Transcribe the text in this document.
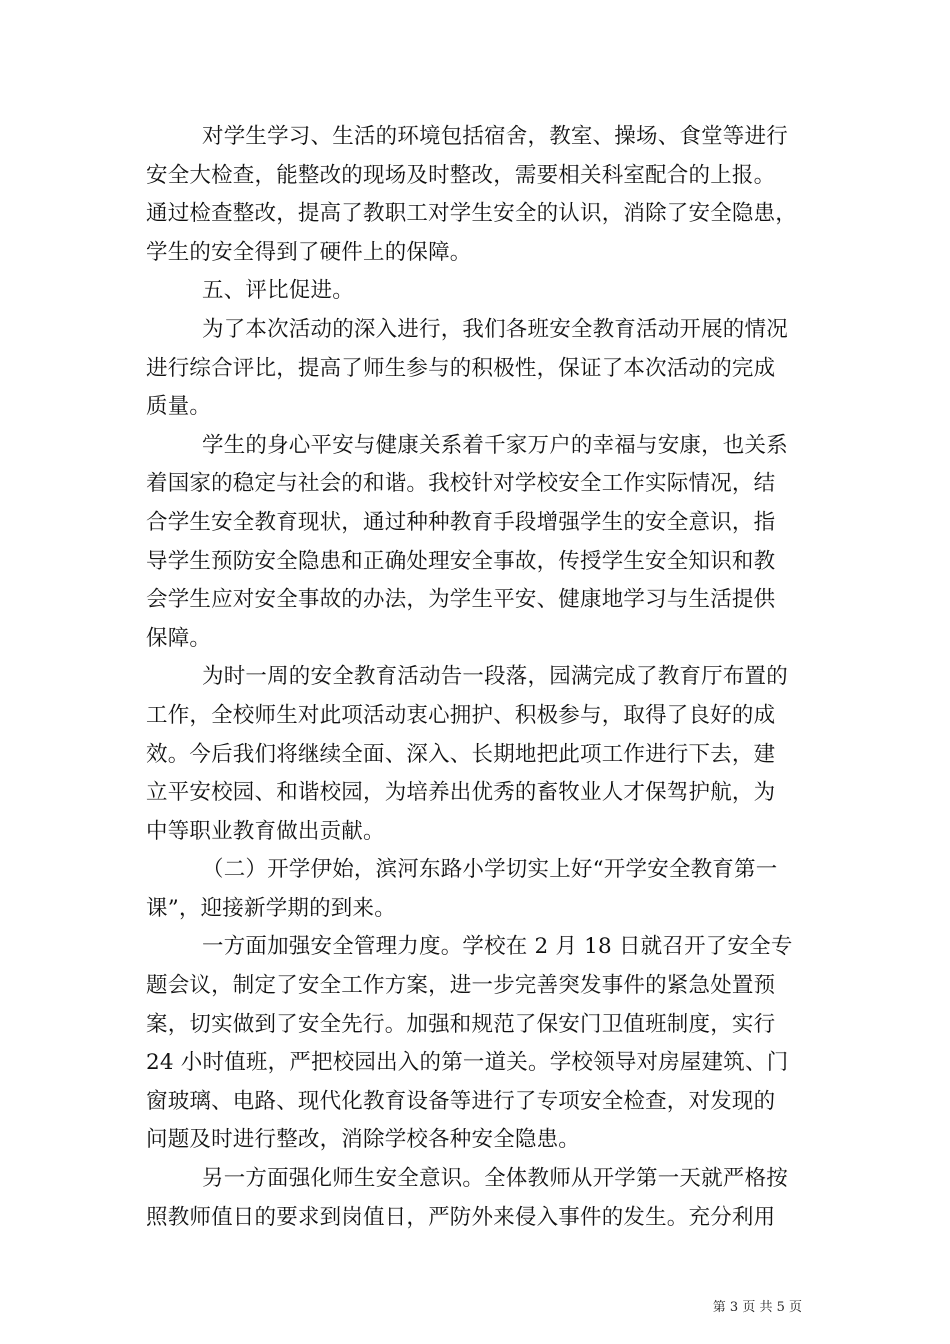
对学生学习、生活的环境包括宿舍，教室、操场、食堂等进行
安全大检查，能整改的现场及时整改，需要相关科室配合的上报。
通过检查整改，提高了教职工对学生安全的认识，消除了安全隐患，
学生的安全得到了硬件上的保障。

五、评比促进。

为了本次活动的深入进行，我们各班安全教育活动开展的情况
进行综合评比，提高了师生参与的积极性，保证了本次活动的完成
质量。

学生的身心平安与健康关系着千家万户的幸福与安康，也关系
着国家的稳定与社会的和谐。我校针对学校安全工作实际情况，结
合学生安全教育现状，通过种种教育手段增强学生的安全意识，指
导学生预防安全隐患和正确处理安全事故，传授学生安全知识和教
会学生应对安全事故的办法，为学生平安、健康地学习与生活提供
保障。

为时一周的安全教育活动告一段落，园满完成了教育厅布置的
工作，全校师生对此项活动衷心拥护、积极参与，取得了良好的成
效。今后我们将继续全面、深入、长期地把此项工作进行下去，建
立平安校园、和谐校园，为培养出优秀的畜牧业人才保驾护航，为
中等职业教育做出贡献。

（二）开学伊始，滨河东路小学切实上好“开学安全教育第一
课”，迎接新学期的到来。

一方面加强安全管理力度。学校在 2 月 18 日就召开了安全专
题会议，制定了安全工作方案，进一步完善突发事件的紧急处置预
案，切实做到了安全先行。加强和规范了保安门卫值班制度，实行
24 小时值班，严把校园出入的第一道关。学校领导对房屋建筑、门
窗玻璃、电路、现代化教育设备等进行了专项安全检查，对发现的
问题及时进行整改，消除学校各种安全隐患。

另一方面强化师生安全意识。全体教师从开学第一天就严格按
照教师值日的要求到岗值日，严防外来侵入事件的发生。充分利用

第 3 页 共 5 页
